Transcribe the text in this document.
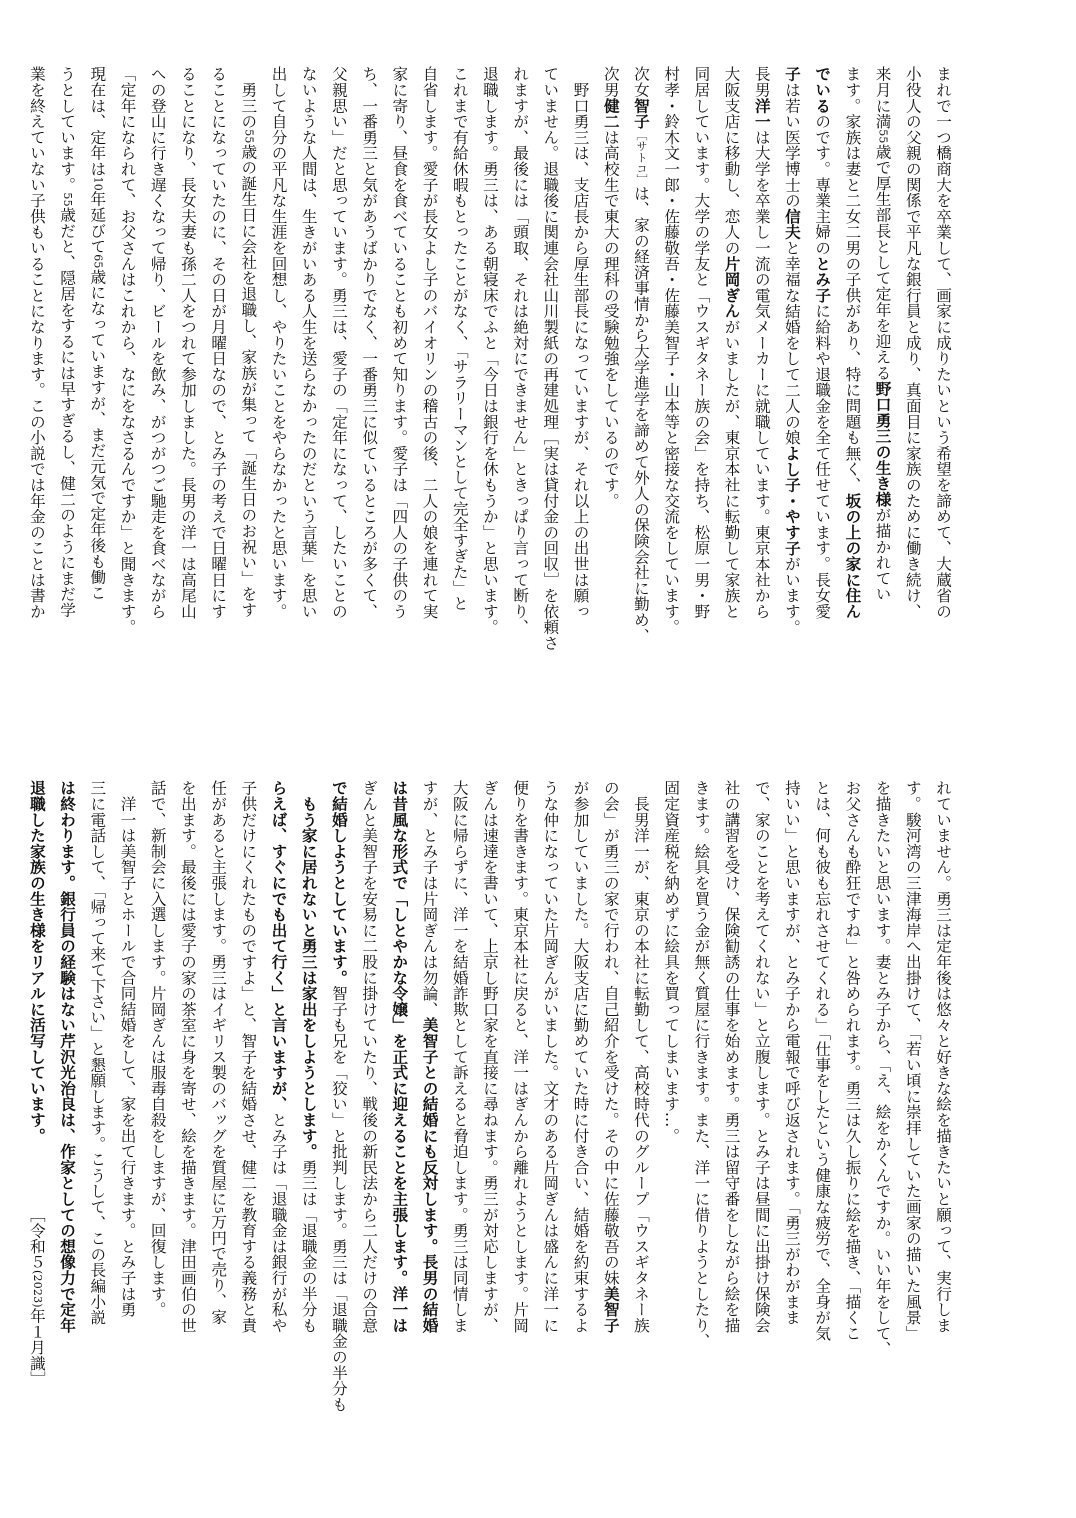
まれで一つ橋商大を卒業して、画家に成りたいという希望を諦めて、大蔵省の
小役人の父親の関係で平凡な銀行員と成り、真面目に家族のために働き続け、
来月に満55歳で厚生部長として定年を迎える野口勇三の生き様が描かれてい
ます。家族は妻と二女二男の子供があり、特に問題も無く、坂の上の家に住ん
でいるのです。専業主婦のとみ子に給料や退職金を全て任せています。長女愛
子は若い医学博士の信夫と幸福な結婚をして二人の娘よし子・やす子がいます。
長男洋一は大学を卒業し一流の電気メーカーに就職しています。東京本社から
大阪支店に移動し、恋人の片岡ぎんがいましたが、東京本社に転勤して家族と
同居しています。大学の学友と「ウスギタネー族の会」を持ち、松原一男・野
村孝・鈴木文一郎・佐藤敬吾・佐藤美智子・山本等と密接な交流をしています。
次女智子［サトコ］は、家の経済事情から大学進学を諦めて外人の保険会社に勤め、
次男健二は高校生で東大の理科の受験勉強をしているのです。
　野口勇三は、支店長から厚生部長になっていますが、それ以上の出世は願っ
ていません。退職後に関連会社山川製紙の再建処理［実は貸付金の回収］を依頼さ
れますが、最後には「頭取、それは絶対にできません」ときっぱり言って断り、
退職します。勇三は、ある朝寝床でふと「今日は銀行を休もうか」と思います。
これまで有給休暇もとったことがなく、「サラリーマンとして完全すぎた」と
自省します。愛子が長女よし子のバイオリンの稽古の後、二人の娘を連れて実
家に寄り、昼食を食べていることも初めて知ります。愛子は「四人の子供のう
ち、一番勇三と気があうばかりでなく、一番勇三に似ているところが多くて、
父親思い」だと思っています。勇三は、愛子の「定年になって、したいことの
ないような人間は、生きがいある人生を送らなかったのだという言葉」を思い
出して自分の平凡な生涯を回想し、やりたいことをやらなかったと思います。
　勇三の55歳の誕生日に会社を退職し、家族が集って「誕生日のお祝い」をす
ることになっていたのに、その日が月曜日なので、とみ子の考えで日曜日にす
ることになり、長女夫妻も孫二人をつれて参加しました。長男の洋一は高尾山
への登山に行き遅くなって帰り、ビールを飲み、がつがつご馳走を食べながら
「定年になられて、お父さんはこれから、なにをなさるんですか」と聞きます。
現在は、定年は10年延びて65歳になっていますが、まだ元気で定年後も働こ
うとしています。55歳だと、隠居をするには早すぎるし、健二のようにまだ学
業を終えていない子供もいることになります。この小説では年金のことは書か
れていません。勇三は定年後は悠々と好きな絵を描きたいと願って、実行しま
す。駿河湾の三津海岸へ出掛けて、「若い頃に崇拝していた画家の描いた風景」
を描きたいと思います。妻とみ子から、「え、絵をかくんですか。いい年をして、
お父さんも酔狂ですね」と咎められます。勇三は久し振りに絵を描き、「描くこ
とは、何も彼も忘れさせてくれる」「仕事をしたという健康な疲労で、全身が気
持いい」と思いますが、とみ子から電報で呼び返されます。「勇三がわがまま
で、家のことを考えてくれない」と立腹します。とみ子は昼間に出掛け保険会
社の講習を受け、保険勧誘の仕事を始めます。勇三は留守番をしながら絵を描
きます。絵具を買う金が無く質屋に行きます。また、洋一に借りようとしたり、
固定資産税を納めずに絵具を買ってしまいます…。
　長男洋一が、東京の本社に転勤して、高校時代のグループ「ウスギタネー族
の会」が勇三の家で行われ、自己紹介を受けた。その中に佐藤敬吾の妹美智子
が参加していました。大阪支店に勤めていた時に付き合い、結婚を約束するよ
うな仲になっていた片岡ぎんがいました。文才のある片岡ぎんは盛んに洋一に
便りを書きます。東京本社に戻ると、洋一はぎんから離れようとします。片岡
ぎんは速達を書いて、上京し野口家を直接に尋ねます。勇三が対応しますが、
大阪に帰らずに、洋一を結婚詐欺として訴えると脅迫します。勇三は同情しま
すが、とみ子は片岡ぎんは勿論、美智子との結婚にも反対します。長男の結婚
は昔風な形式で「しとやかな令嬢」を正式に迎えることを主張します。洋一は
ぎんと美智子を安易に二股に掛けていたり、戦後の新民法から二人だけの合意
で結婚しようとしています。智子も兄を「狡い」と批判します。勇三は「退職金の半分も
　もう家に居れないと勇三は家出をしようとします。勇三は「退職金の半分も
らえば、すぐにでも出て行く」と言いますが、とみ子は「退職金は銀行が私や
子供だけにくれたものですよ」と、智子を結婚させ、健二を教育する義務と責
任があると主張します。勇三はイギリス製のバッグを質屋に5万円で売り、家
を出ます。最後には愛子の家の茶室に身を寄せ、絵を描きます。津田画伯の世
話で、新制会に入選します。片岡ぎんは服毒自殺をしますが、回復します。
　洋一は美智子とホールで合同結婚をして、家を出て行きます。とみ子は勇
三に電話して、「帰って来て下さい」と懇願します。こうして、この長編小説
は終わります。銀行員の経験はない芹沢光治良は、作家としての想像力で定年
退職した家族の生き様をリアルに活写しています。　　　　　［令和５(2023)年１月識］
